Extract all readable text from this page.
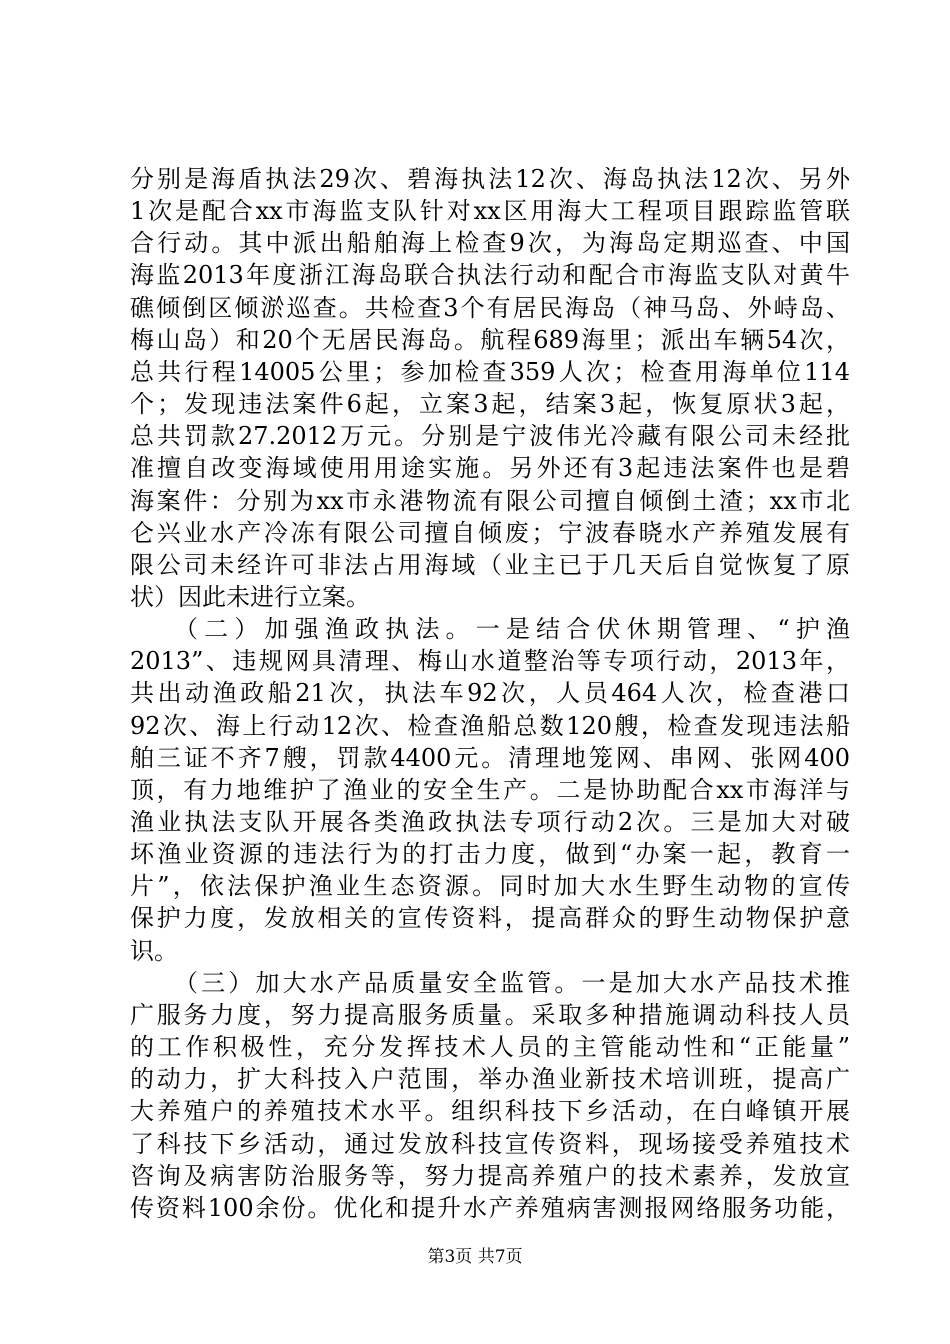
分别是海盾执法29次、碧海执法12次、海岛执法12次、另外
1次是配合xx市海监支队针对xx区用海大工程项目跟踪监管联
合行动。其中派出船舶海上检查9次，为海岛定期巡查、中国
海监2013年度浙江海岛联合执法行动和配合市海监支队对黄牛
礁倾倒区倾淤巡查。共检查3个有居民海岛（神马岛、外峙岛、
梅山岛）和20个无居民海岛。航程689海里；派出车辆54次，
总共行程14005公里；参加检查359人次；检查用海单位114
个；发现违法案件6起，立案3起，结案3起，恢复原状3起，
总共罚款27.2012万元。分别是宁波伟光冷藏有限公司未经批
准擅自改变海域使用用途实施。另外还有3起违法案件也是碧
海案件：分别为xx市永港物流有限公司擅自倾倒土渣；xx市北
仑兴业水产冷冻有限公司擅自倾废；宁波春晓水产养殖发展有
限公司未经许可非法占用海域（业主已于几天后自觉恢复了原
状）因此未进行立案。
（二）加强渔政执法。一是结合伏休期管理、“护渔
2013”、违规网具清理、梅山水道整治等专项行动，2013年，
共出动渔政船21次，执法车92次，人员464人次，检查港口
92次、海上行动12次、检查渔船总数120艘，检查发现违法船
舶三证不齐7艘，罚款4400元。清理地笼网、串网、张网400
顶，有力地维护了渔业的安全生产。二是协助配合xx市海洋与
渔业执法支队开展各类渔政执法专项行动2次。三是加大对破
坏渔业资源的违法行为的打击力度，做到“办案一起，教育一
片”，依法保护渔业生态资源。同时加大水生野生动物的宣传
保护力度，发放相关的宣传资料，提高群众的野生动物保护意
识。
（三）加大水产品质量安全监管。一是加大水产品技术推
广服务力度，努力提高服务质量。采取多种措施调动科技人员
的工作积极性，充分发挥技术人员的主管能动性和“正能量”
的动力，扩大科技入户范围，举办渔业新技术培训班，提高广
大养殖户的养殖技术水平。组织科技下乡活动，在白峰镇开展
了科技下乡活动，通过发放科技宣传资料，现场接受养殖技术
咨询及病害防治服务等，努力提高养殖户的技术素养，发放宣
传资料100余份。优化和提升水产养殖病害测报网络服务功能，
第3页 共7页
